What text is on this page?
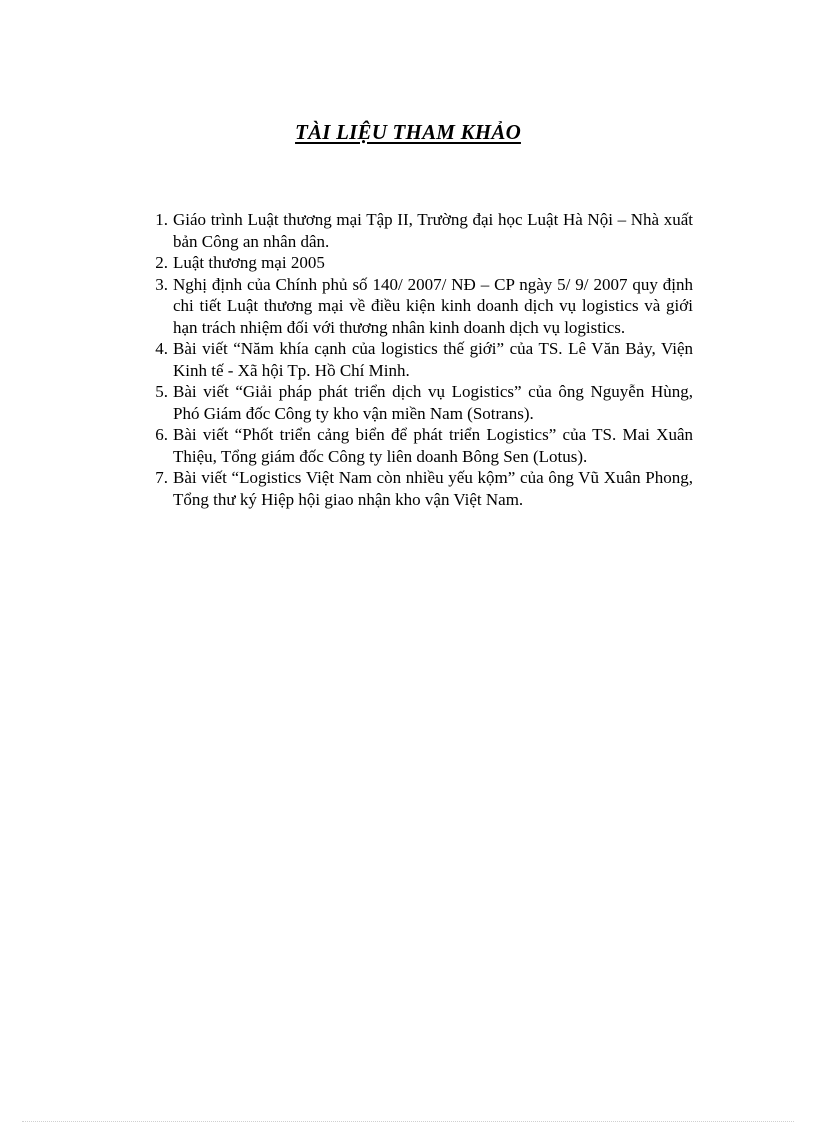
TÀI LIỆU THAM KHẢO
1. Giáo trình Luật thương mại Tập II, Trường đại học Luật Hà Nội – Nhà xuất bản Công an nhân dân.
2. Luật thương mại 2005
3. Nghị định của Chính phủ số 140/ 2007/ NĐ – CP ngày 5/ 9/ 2007 quy định chi tiết Luật thương mại về điều kiện kinh doanh dịch vụ logistics và giới hạn trách nhiệm đối với thương nhân kinh doanh dịch vụ logistics.
4. Bài viết “Năm khía cạnh của logistics thế giới” của TS. Lê Văn Bảy, Viện Kinh tế - Xã hội Tp. Hồ Chí Minh.
5. Bài viết “Giải pháp phát triển dịch vụ Logistics” của ông Nguyễn Hùng, Phó Giám đốc Công ty kho vận miền Nam (Sotrans).
6. Bài viết “Phốt triển cảng biển để phát triển Logistics” của TS. Mai Xuân Thiệu, Tổng giám đốc Công ty liên doanh Bông Sen (Lotus).
7. Bài viết “Logistics Việt Nam còn nhiều yếu kộm” của ông Vũ Xuân Phong, Tổng thư ký Hiệp hội giao nhận kho vận Việt Nam.
